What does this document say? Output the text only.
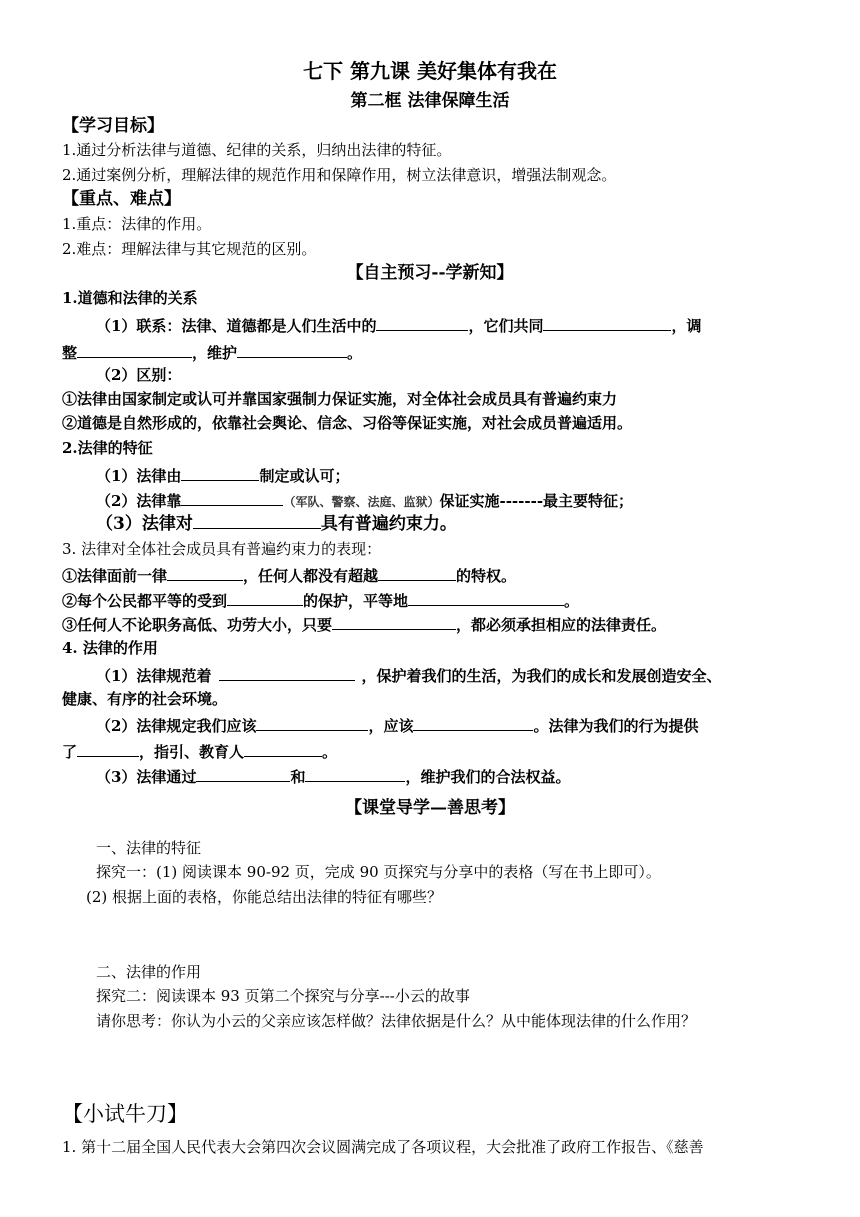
七下 第九课 美好集体有我在
第二框 法律保障生活
【学习目标】
1.通过分析法律与道德、纪律的关系，归纳出法律的特征。
2.通过案例分析，理解法律的规范作用和保障作用，树立法律意识，增强法制观念。
【重点、难点】
1.重点：法律的作用。
2.难点：理解法律与其它规范的区别。
【自主预习--学新知】
1.道德和法律的关系
（1）联系：法律、道德都是人们生活中的	，它们共同	，调
整	，维护	。
（2）区别：
①法律由国家制定或认可并靠国家强制力保证实施，对全体社会成员具有普遍约束力
②道德是自然形成的，依靠社会舆论、信念、习俗等保证实施，对社会成员普遍适用。
2.法律的特征
（1）法律由	制定或认可；
（2）法律靠	（军队、警察、法庭、监狱）保证实施-------最主要特征；
（3）法律对	具有普遍约束力。
3. 法律对全体社会成员具有普遍约束力的表现：
①法律面前一律	，任何人都没有超越	的特权。
②每个公民都平等的受到	的保护，平等地	。
③任何人不论职务高低、功劳大小，只要	，都必须承担相应的法律责任。
4. 法律的作用
（1）法律规范着	，保护着我们的生活，为我们的成长和发展创造安全、
健康、有序的社会环境。
（2）法律规定我们应该	，应该	。法律为我们的行为提供
了	，指引、教育人	。
（3）法律通过	和	，维护我们的合法权益。
【课堂导学—善思考】
一、法律的特征
探究一：(1) 阅读课本 90-92 页，完成 90 页探究与分享中的表格（写在书上即可）。
(2) 根据上面的表格，你能总结出法律的特征有哪些？
二、法律的作用
探究二：阅读课本 93 页第二个探究与分享---小云的故事
请你思考：你认为小云的父亲应该怎样做？法律依据是什么？从中能体现法律的什么作用？
【小试牛刀】
1. 第十二届全国人民代表大会第四次会议圆满完成了各项议程，大会批准了政府工作报告、《慈善
